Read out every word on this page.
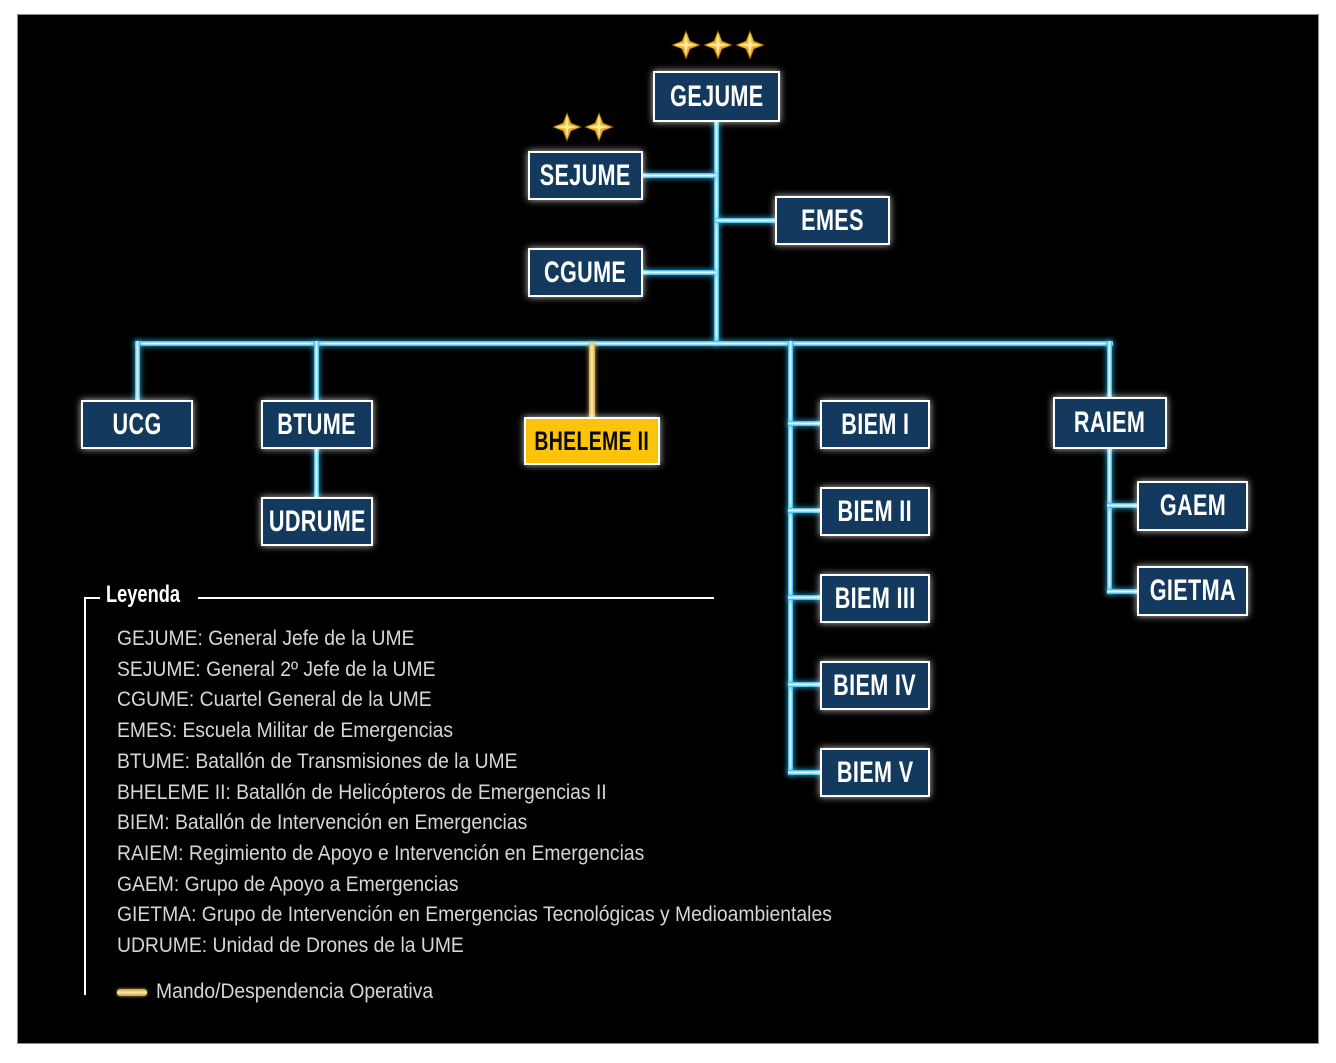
GEJUME
SEJUME
CGUME
EMES
UCG	BTUME
UDRUME
BHELEME II	BIEM I
BIEM II
BIEM III
BIEM IV
BIEM V
RAIEM
GAEM
GIETMA
Leyenda
GEJUME: General Jefe de la UME
SEJUME: General 2º Jefe de la UME
CGUME: Cuartel General de la UME
EMES: Escuela Militar de Emergencias
BTUME: Batallón de Transmisiones de la UME
BHELEME II: Batallón de Helicópteros de Emergencias II
BIEM: Batallón de Intervención en Emergencias
RAIEM: Regimiento de Apoyo e Intervención en Emergencias
GAEM: Grupo de Apoyo a Emergencias
GIETMA: Grupo de Intervención en Emergencias Tecnológicas y Medioambientales
UDRUME: Unidad de Drones de la UME
Mando/Despendencia Operativa
